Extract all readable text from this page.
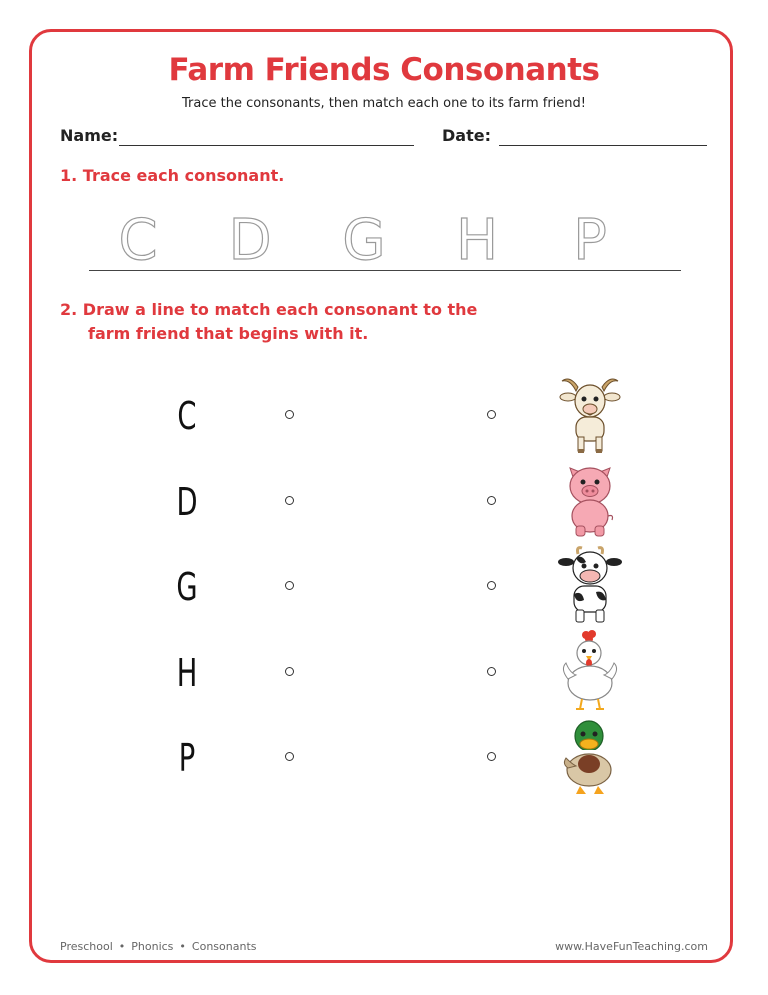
Farm Friends Consonants
Trace the consonants, then match each one to its farm friend!
Name:	Date:
1. Trace each consonant.
C D G H P
2. Draw a line to match each consonant to the
farm friend that begins with it.
C
D
G
H
P
Preschool • Phonics • Consonants	www.HaveFunTeaching.com
